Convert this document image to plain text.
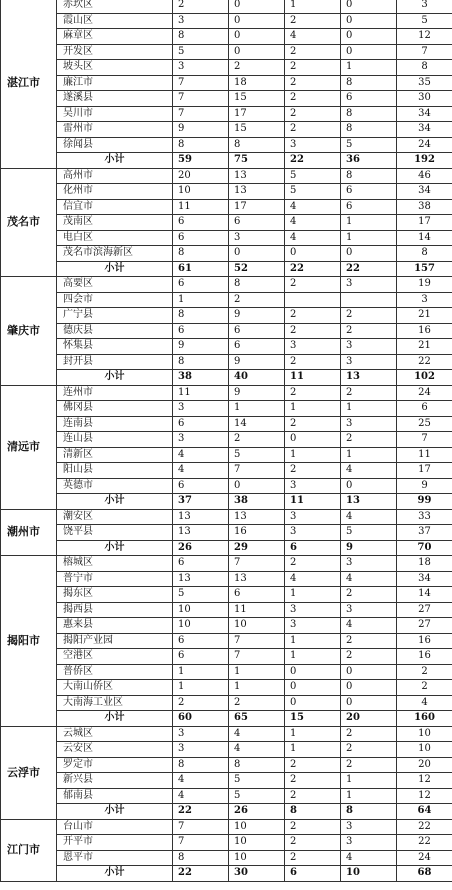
湛江市	赤坎区	2	0	1	0	3
	霞山区	3	0	2	0	5
	麻章区	8	0	4	0	12
	开发区	5	0	2	0	7
	坡头区	3	2	2	1	8
	廉江市	7	18	2	8	35
	遂溪县	7	15	2	6	30
	吴川市	7	17	2	8	34
	雷州市	9	15	2	8	34
	徐闻县	8	8	3	5	24
	小计	59	75	22	36	192
茂名市	高州市	20	13	5	8	46
	化州市	10	13	5	6	34
	信宜市	11	17	4	6	38
	茂南区	6	6	4	1	17
	电白区	6	3	4	1	14
	茂名市滨海新区	8	0	0	0	8
	小计	61	52	22	22	157
肇庆市	高要区	6	8	2	3	19
	四会市	1	2			3
	广宁县	8	9	2	2	21
	德庆县	6	6	2	2	16
	怀集县	9	6	3	3	21
	封开县	8	9	2	3	22
	小计	38	40	11	13	102
清远市	连州市	11	9	2	2	24
	佛冈县	3	1	1	1	6
	连南县	6	14	2	3	25
	连山县	3	2	0	2	7
	清新区	4	5	1	1	11
	阳山县	4	7	2	4	17
	英德市	6	0	3	0	9
	小计	37	38	11	13	99
潮州市	潮安区	13	13	3	4	33
	饶平县	13	16	3	5	37
	小计	26	29	6	9	70
揭阳市	榕城区	6	7	2	3	18
	普宁市	13	13	4	4	34
	揭东区	5	6	1	2	14
	揭西县	10	11	3	3	27
	惠来县	10	10	3	4	27
	揭阳产业园	6	7	1	2	16
	空港区	6	7	1	2	16
	普侨区	1	1	0	0	2
	大南山侨区	1	1	0	0	2
	大南海工业区	2	2	0	0	4
	小计	60	65	15	20	160
云浮市	云城区	3	4	1	2	10
	云安区	3	4	1	2	10
	罗定市	8	8	2	2	20
	新兴县	4	5	2	1	12
	郁南县	4	5	2	1	12
	小计	22	26	8	8	64
江门市	台山市	7	10	2	3	22
	开平市	7	10	2	3	22
	恩平市	8	10	2	4	24
	小计	22	30	6	10	68
